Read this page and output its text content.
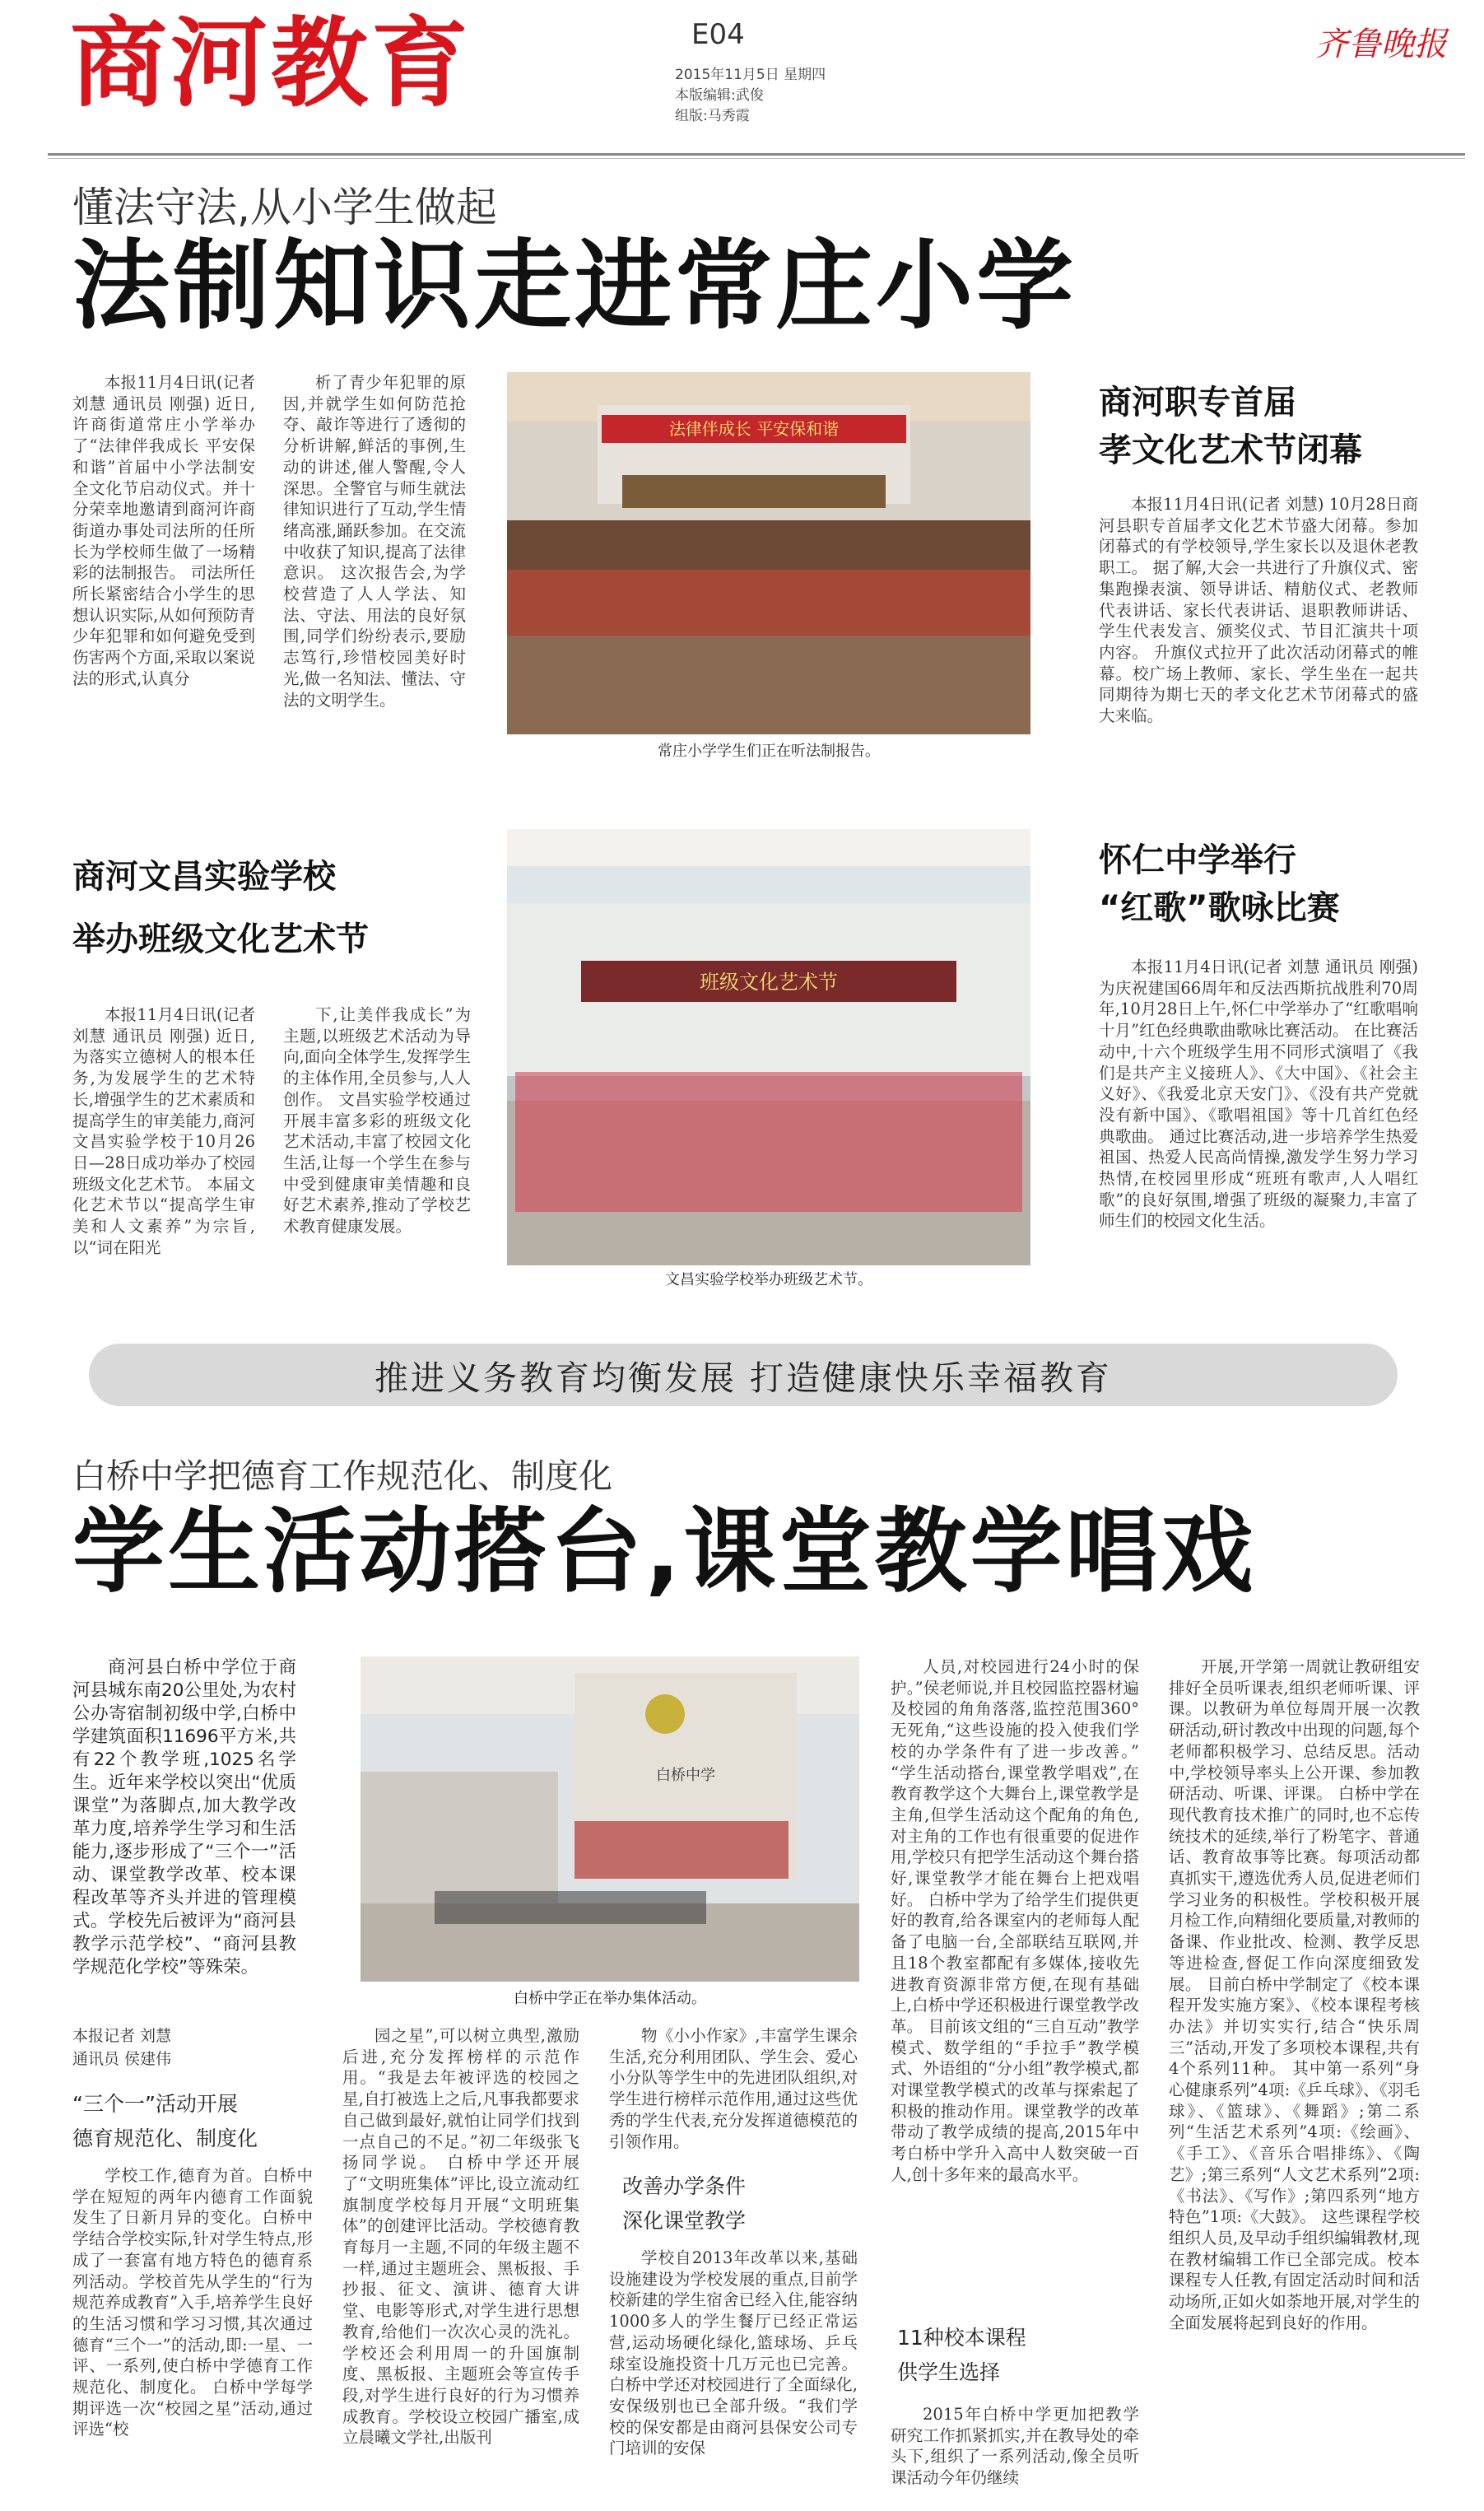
商河教育	E04
2015年11月5日 星期四
本版编辑:武俊
组版:马秀霞
齐鲁晚报
懂法守法,从小学生做起
法制知识走进常庄小学

本报11月4日讯(记者 刘慧 通讯员 刚强) 近日,许商街道常庄小学举办了“法律伴我成长 平安保和谐”首届中小学法制安全文化节启动仪式。并十分荣幸地邀请到商河许商街道办事处司法所的任所长为学校师生做了一场精彩的法制报告。 司法所任所长紧密结合小学生的思想认识实际,从如何预防青少年犯罪和如何避免受到伤害两个方面,采取以案说法的形式,认真分

析了青少年犯罪的原因,并就学生如何防范抢夺、敲诈等进行了透彻的分析讲解,鲜活的事例,生动的讲述,催人警醒,令人深思。全警官与师生就法律知识进行了互动,学生情绪高涨,踊跃参加。在交流中收获了知识,提高了法律意识。 这次报告会,为学校营造了人人学法、知法、守法、用法的良好氛围,同学们纷纷表示,要励志笃行,珍惜校园美好时光,做一名知法、懂法、守法的文明学生。

法律伴成长 平安保和谐
常庄小学学生们正在听法制报告。
商河职专首届
孝文化艺术节闭幕

本报11月4日讯(记者 刘慧) 10月28日商河县职专首届孝文化艺术节盛大闭幕。参加闭幕式的有学校领导,学生家长以及退休老教职工。 据了解,大会一共进行了升旗仪式、密集跑操表演、领导讲话、精舫仪式、老教师代表讲话、家长代表讲话、退职教师讲话、学生代表发言、颁奖仪式、节目汇演共十项内容。 升旗仪式拉开了此次活动闭幕式的帷幕。校广场上教师、家长、学生坐在一起共同期待为期七天的孝文化艺术节闭幕式的盛大来临。

商河文昌实验学校
举办班级文化艺术节

本报11月4日讯(记者 刘慧 通讯员 刚强) 近日,为落实立德树人的根本任务,为发展学生的艺术特长,增强学生的艺术素质和提高学生的审美能力,商河文昌实验学校于10月26日—28日成功举办了校园班级文化艺术节。 本届文化艺术节以“提高学生审美和人文素养”为宗旨,以“词在阳光

下,让美伴我成长”为主题,以班级艺术活动为导向,面向全体学生,发挥学生的主体作用,全员参与,人人创作。 文昌实验学校通过开展丰富多彩的班级文化艺术活动,丰富了校园文化生活,让每一个学生在参与中受到健康审美情趣和良好艺术素养,推动了学校艺术教育健康发展。

班级文化艺术节
文昌实验学校举办班级艺术节。
怀仁中学举行
“红歌”歌咏比赛

本报11月4日讯(记者 刘慧 通讯员 刚强) 为庆祝建国66周年和反法西斯抗战胜利70周年,10月28日上午,怀仁中学举办了“红歌唱响十月”红色经典歌曲歌咏比赛活动。 在比赛活动中,十六个班级学生用不同形式演唱了《我们是共产主义接班人》、《大中国》、《社会主义好》、《我爱北京天安门》、《没有共产党就没有新中国》、《歌唱祖国》等十几首红色经典歌曲。 通过比赛活动,进一步培养学生热爱祖国、热爱人民高尚情操,激发学生努力学习热情,在校园里形成“班班有歌声,人人唱红歌”的良好氛围,增强了班级的凝聚力,丰富了师生们的校园文化生活。

推进义务教育均衡发展 打造健康快乐幸福教育
白桥中学把德育工作规范化、制度化
学生活动搭台,课堂教学唱戏

商河县白桥中学位于商河县城东南20公里处,为农村公办寄宿制初级中学,白桥中学建筑面积11696平方米,共有22个教学班,1025名学生。近年来学校以突出“优质课堂”为落脚点,加大教学改革力度,培养学生学习和生活能力,逐步形成了“三个一”活动、课堂教学改革、校本课程改革等齐头并进的管理模式。学校先后被评为“商河县教学示范学校”、“商河县教学规范化学校”等殊荣。

白桥中学
白桥中学正在举办集体活动。
本报记者 刘慧
通讯员 侯建伟
“三个一”活动开展
德育规范化、制度化

学校工作,德育为首。白桥中学在短短的两年内德育工作面貌发生了日新月异的变化。白桥中学结合学校实际,针对学生特点,形成了一套富有地方特色的德育系列活动。学校首先从学生的“行为规范养成教育”入手,培养学生良好的生活习惯和学习习惯,其次通过德育“三个一”的活动,即:一星、一评、一系列,使白桥中学德育工作规范化、制度化。 白桥中学每学期评选一次“校园之星”活动,通过评选“校

园之星”,可以树立典型,激励后进,充分发挥榜样的示范作用。“我是去年被评选的校园之星,自打被选上之后,凡事我都要求自己做到最好,就怕让同学们找到一点自己的不足。”初二年级张飞扬同学说。 白桥中学还开展了“文明班集体”评比,设立流动红旗制度学校每月开展“文明班集体”的创建评比活动。学校德育教育每月一主题,不同的年级主题不一样,通过主题班会、黑板报、手抄报、征文、演讲、德育大讲堂、电影等形式,对学生进行思想教育,给他们一次次心灵的洗礼。 学校还会利用周一的升国旗制度、黑板报、主题班会等宣传手段,对学生进行良好的行为习惯养成教育。学校设立校园广播室,成立晨曦文学社,出版刊

物《小小作家》,丰富学生课余生活,充分利用团队、学生会、爱心小分队等学生中的先进团队组织,对学生进行榜样示范作用,通过这些优秀的学生代表,充分发挥道德模范的引领作用。

改善办学条件
深化课堂教学

学校自2013年改革以来,基础设施建设为学校发展的重点,目前学校新建的学生宿舍已经入住,能容纳1000多人的学生餐厅已经正常运营,运动场硬化绿化,篮球场、乒乓球室设施投资十几万元也已完善。 白桥中学还对校园进行了全面绿化,安保级别也已全部升级。“我们学校的保安都是由商河县保安公司专门培训的安保

人员,对校园进行24小时的保护。”侯老师说,并且校园监控器材遍及校园的角角落落,监控范围360°无死角,“这些设施的投入使我们学校的办学条件有了进一步改善。” “学生活动搭台,课堂教学唱戏”,在教育教学这个大舞台上,课堂教学是主角,但学生活动这个配角的角色,对主角的工作也有很重要的促进作用,学校只有把学生活动这个舞台搭好,课堂教学才能在舞台上把戏唱好。 白桥中学为了给学生们提供更好的教育,给各课室内的老师每人配备了电脑一台,全部联结互联网,并且18个教室都配有多媒体,接收先进教育资源非常方便,在现有基础上,白桥中学还积极进行课堂教学改革。 目前该文组的“三自互动”教学模式、数学组的“手拉手”教学模式、外语组的“分小组”教学模式,都对课堂教学模式的改革与探索起了积极的推动作用。课堂教学的改革带动了教学成绩的提高,2015年中考白桥中学升入高中人数突破一百人,创十多年来的最高水平。

11种校本课程
供学生选择

2015年白桥中学更加把教学研究工作抓紧抓实,并在教导处的牵头下,组织了一系列活动,像全员听课活动今年仍继续

开展,开学第一周就让教研组安排好全员听课表,组织老师听课、评课。以教研为单位每周开展一次教研活动,研讨教改中出现的问题,每个老师都积极学习、总结反思。活动中,学校领导率头上公开课、参加教研活动、听课、评课。 白桥中学在现代教育技术推广的同时,也不忘传统技术的延续,举行了粉笔字、普通话、教育故事等比赛。每项活动都真抓实干,遵选优秀人员,促进老师们学习业务的积极性。学校积极开展月检工作,向精细化要质量,对教师的备课、作业批改、检测、教学反思等进检查,督促工作向深度细致发展。 目前白桥中学制定了《校本课程开发实施方案》、《校本课程考核办法》并切实实行,结合“快乐周三”活动,开发了多项校本课程,共有4个系列11种。 其中第一系列“身心健康系列”4项:《乒乓球》、《羽毛球》、《篮球》、《舞蹈》;第二系列“生活艺术系列”4项:《绘画》、《手工》、《音乐合唱排练》、《陶艺》;第三系列“人文艺术系列”2项:《书法》、《写作》;第四系列“地方特色”1项:《大鼓》。 这些课程学校组织人员,及早动手组织编辑教材,现在教材编辑工作已全部完成。校本课程专人任教,有固定活动时间和活动场所,正如火如荼地开展,对学生的全面发展将起到良好的作用。
